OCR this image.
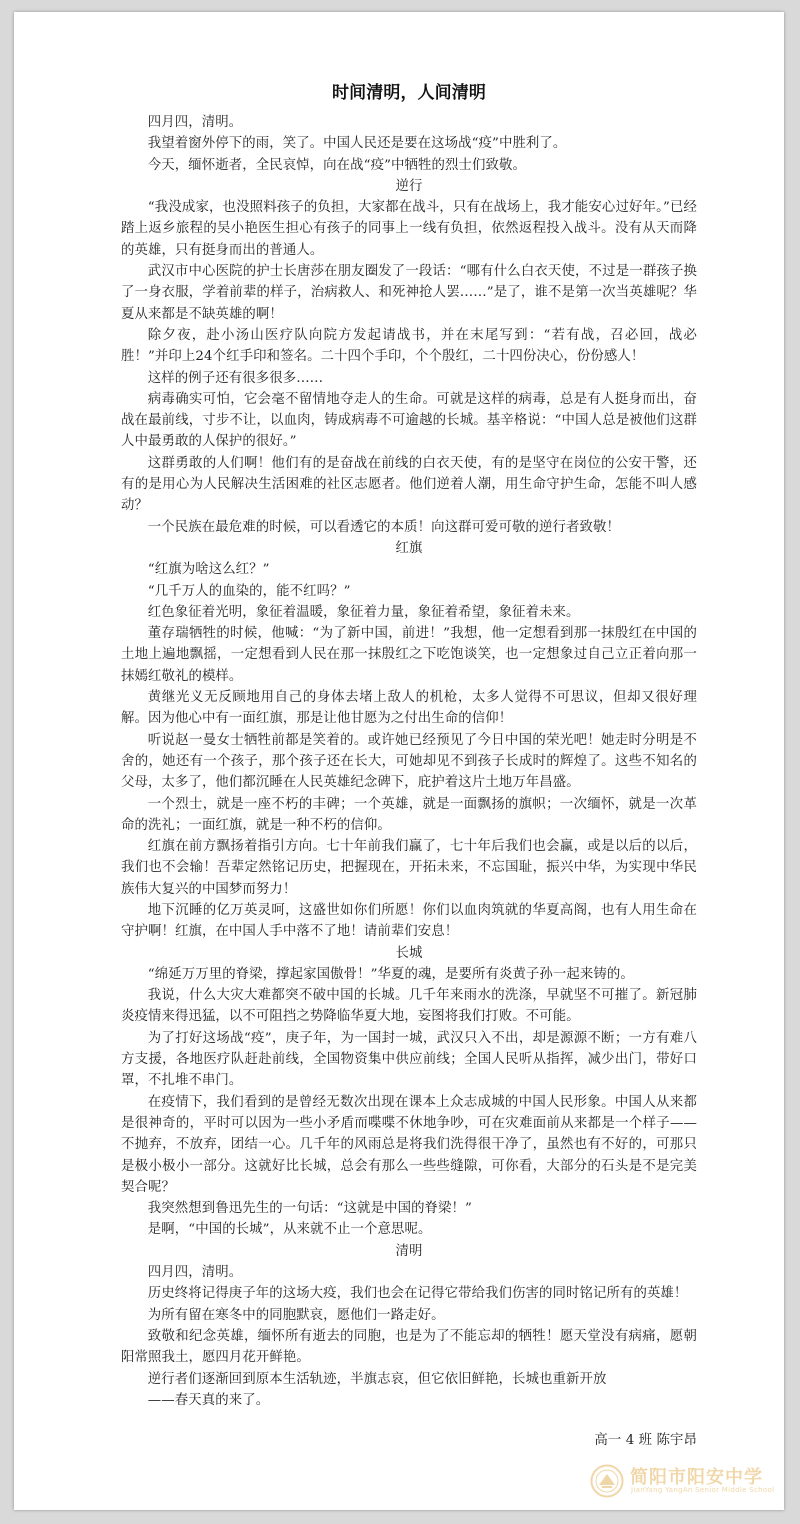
时间清明，人间清明

四月四，清明。

我望着窗外停下的雨，笑了。中国人民还是要在这场战“疫”中胜利了。

今天，缅怀逝者，全民哀悼，向在战“疫”中牺牲的烈士们致敬。

逆行

“我没成家，也没照料孩子的负担，大家都在战斗，只有在战场上，我才能安心过好年。”已经踏上返乡旅程的吴小艳医生担心有孩子的同事上一线有负担，依然返程投入战斗。没有从天而降的英雄，只有挺身而出的普通人。

武汉市中心医院的护士长唐莎在朋友圈发了一段话：“哪有什么白衣天使，不过是一群孩子换了一身衣服，学着前辈的样子，治病救人、和死神抢人罢……”是了，谁不是第一次当英雄呢？华夏从来都是不缺英雄的啊！

除夕夜，赴小汤山医疗队向院方发起请战书，并在末尾写到：“若有战，召必回，战必胜！”并印上24个红手印和签名。二十四个手印，个个殷红，二十四份决心，份份感人！

这样的例子还有很多很多……

病毒确实可怕，它会毫不留情地夺走人的生命。可就是这样的病毒，总是有人挺身而出，奋战在最前线，寸步不让，以血肉，铸成病毒不可逾越的长城。基辛格说：“中国人总是被他们这群人中最勇敢的人保护的很好。”

这群勇敢的人们啊！他们有的是奋战在前线的白衣天使，有的是坚守在岗位的公安干警，还有的是用心为人民解决生活困难的社区志愿者。他们逆着人潮，用生命守护生命，怎能不叫人感动？

一个民族在最危难的时候，可以看透它的本质！向这群可爱可敬的逆行者致敬！

红旗

“红旗为啥这么红？”

“几千万人的血染的，能不红吗？”

红色象征着光明，象征着温暖，象征着力量，象征着希望，象征着未来。

董存瑞牺牲的时候，他喊：“为了新中国，前进！”我想，他一定想看到那一抹殷红在中国的土地上遍地飘摇，一定想看到人民在那一抹殷红之下吃饱谈笑，也一定想象过自己立正着向那一抹嫣红敬礼的模样。

黄继光义无反顾地用自己的身体去堵上敌人的机枪，太多人觉得不可思议，但却又很好理解。因为他心中有一面红旗，那是让他甘愿为之付出生命的信仰！

听说赵一曼女士牺牲前都是笑着的。或许她已经预见了今日中国的荣光吧！她走时分明是不舍的，她还有一个孩子，那个孩子还在长大，可她却见不到孩子长成时的辉煌了。这些不知名的父母，太多了，他们都沉睡在人民英雄纪念碑下，庇护着这片土地万年昌盛。

一个烈士，就是一座不朽的丰碑；一个英雄，就是一面飘扬的旗帜；一次缅怀，就是一次革命的洗礼；一面红旗，就是一种不朽的信仰。

红旗在前方飘扬着指引方向。七十年前我们赢了，七十年后我们也会赢，或是以后的以后，我们也不会输！吾辈定然铭记历史，把握现在，开拓未来，不忘国耻，振兴中华，为实现中华民族伟大复兴的中国梦而努力！

地下沉睡的亿万英灵呵，这盛世如你们所愿！你们以血肉筑就的华夏高阁，也有人用生命在守护啊！红旗，在中国人手中落不了地！请前辈们安息！

长城

“绵延万万里的脊梁，撑起家国傲骨！”华夏的魂，是要所有炎黄子孙一起来铸的。

我说，什么大灾大难都突不破中国的长城。几千年来雨水的洗涤，早就坚不可摧了。新冠肺炎疫情来得迅猛，以不可阻挡之势降临华夏大地，妄图将我们打败。不可能。

为了打好这场战“疫”，庚子年，为一国封一城，武汉只入不出，却是源源不断；一方有难八方支援，各地医疗队赶赴前线，全国物资集中供应前线；全国人民听从指挥，减少出门，带好口罩，不扎堆不串门。

在疫情下，我们看到的是曾经无数次出现在课本上众志成城的中国人民形象。中国人从来都是很神奇的，平时可以因为一些小矛盾而喋喋不休地争吵，可在灾难面前从来都是一个样子——不抛弃，不放弃，团结一心。几千年的风雨总是将我们洗得很干净了，虽然也有不好的，可那只是极小极小一部分。这就好比长城，总会有那么一些些缝隙，可你看，大部分的石头是不是完美契合呢？

我突然想到鲁迅先生的一句话：“这就是中国的脊梁！”

是啊，“中国的长城”，从来就不止一个意思呢。

清明

四月四，清明。

历史终将记得庚子年的这场大疫，我们也会在记得它带给我们伤害的同时铭记所有的英雄！

为所有留在寒冬中的同胞默哀，愿他们一路走好。

致敬和纪念英雄，缅怀所有逝去的同胞，也是为了不能忘却的牺牲！愿天堂没有病痛，愿朝阳常照我土，愿四月花开鲜艳。

逆行者们逐渐回到原本生活轨迹，半旗志哀，但它依旧鲜艳，长城也重新开放

——春天真的来了。

高一 4 班 陈宇昂

简阳市阳安中学
JianYang YangAn Senior Middle School
